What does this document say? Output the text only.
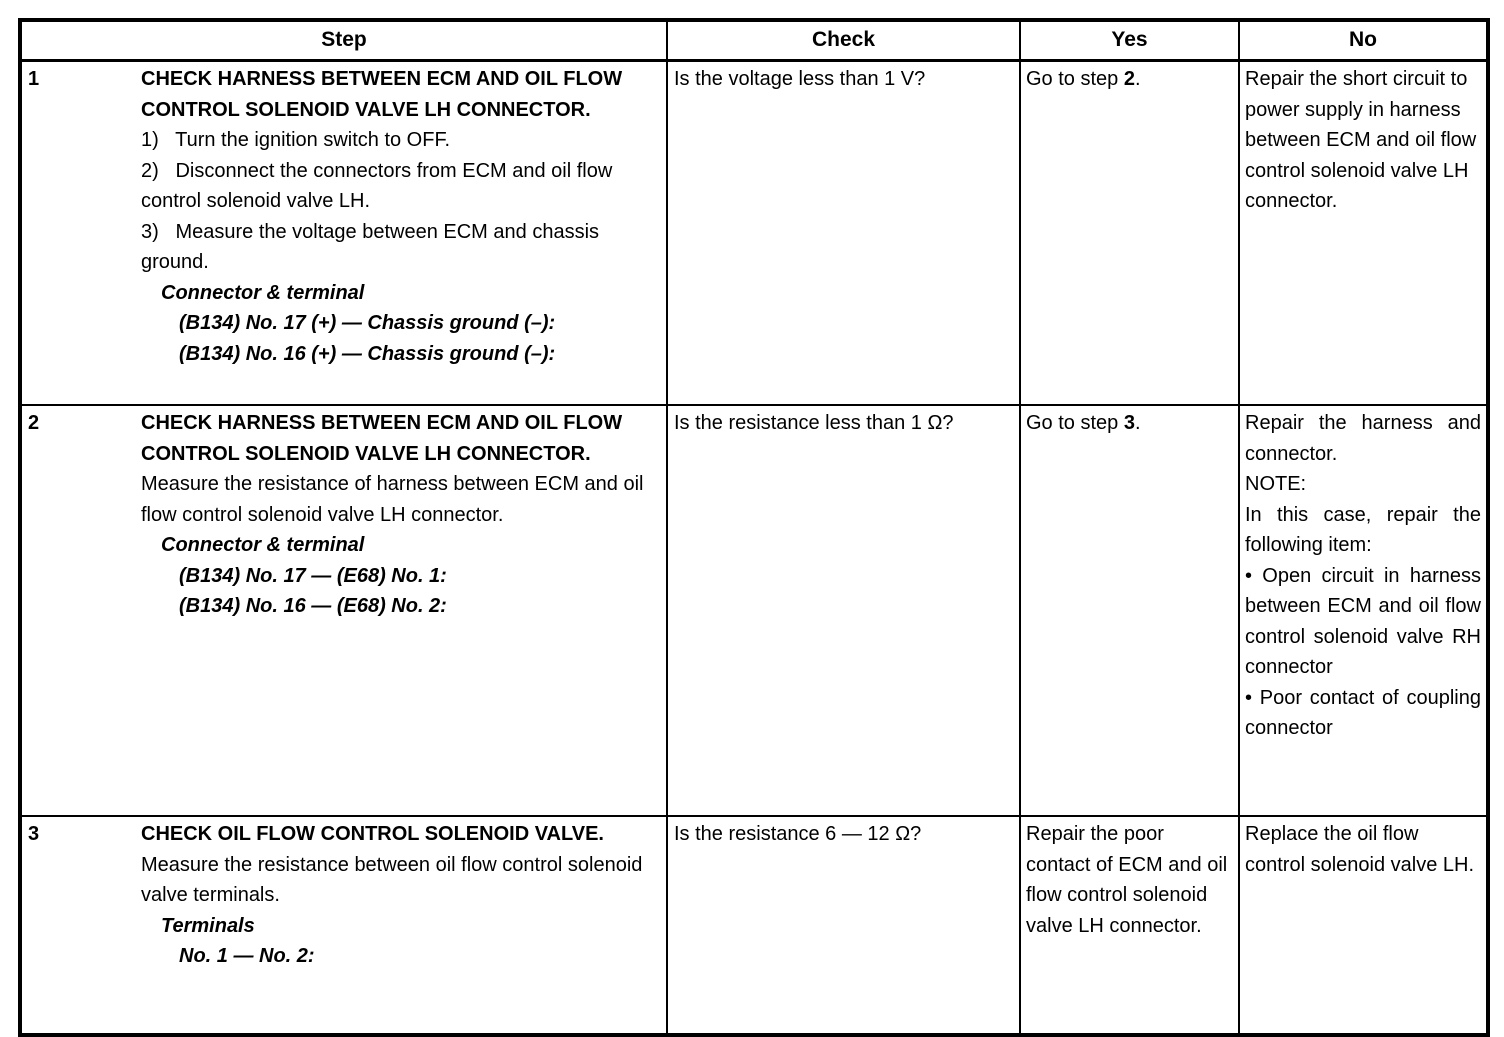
Step	Check	Yes	No

1	CHECK HARNESS BETWEEN ECM AND OIL FLOW CONTROL SOLENOID VALVE LH CONNECTOR.

1)   Turn the ignition switch to OFF.

2)   Disconnect the connectors from ECM and oil flow control solenoid valve LH.

3)   Measure the voltage between ECM and chassis ground.

Connector & terminal

(B134) No. 17 (+) — Chassis ground (–):

(B134) No. 16 (+) — Chassis ground (–):

Is the voltage less than 1 V?	Go to step 2.	Repair the short circuit to power supply in harness between ECM and oil flow control solenoid valve LH connector.

2	CHECK HARNESS BETWEEN ECM AND OIL FLOW CONTROL SOLENOID VALVE LH CONNECTOR.

Measure the resistance of harness between ECM and oil flow control solenoid valve LH connector.

Connector & terminal

(B134) No. 17 — (E68) No. 1:

(B134) No. 16 — (E68) No. 2:

Is the resistance less than 1 Ω?	Go to step 3.	Repair the harness and connector.

NOTE:

In this case, repair the following item:

• Open circuit in harness between ECM and oil flow control solenoid valve RH connector

• Poor contact of coupling connector

3 CHECK OIL FLOW CONTROL SOLENOID VALVE.

Measure the resistance between oil flow control solenoid valve terminals.

Terminals

No. 1 — No. 2:	Is the resistance 6 — 12 Ω?	Repair the poor contact of ECM and oil flow control solenoid valve LH connector.	Replace the oil flow control solenoid valve LH.
